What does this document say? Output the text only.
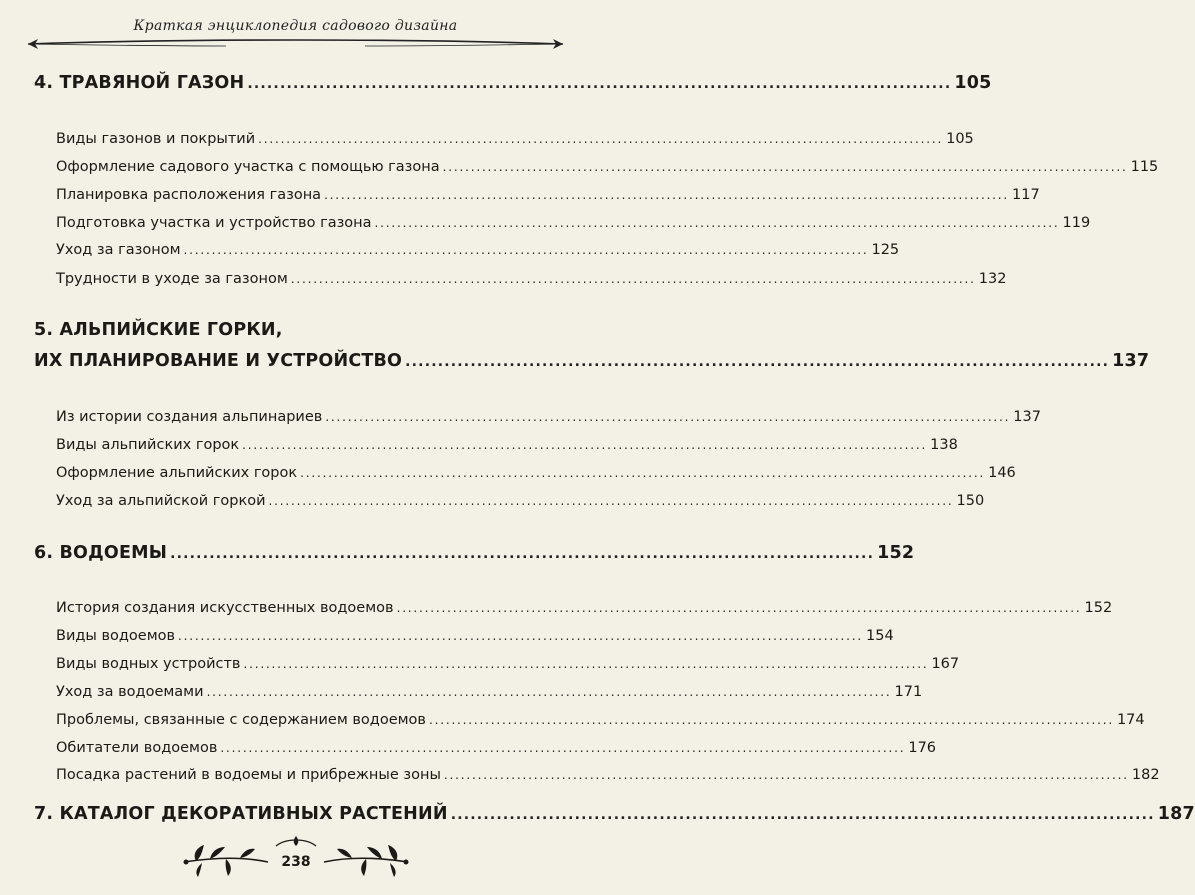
Краткая энциклопедия садового дизайна
4. ТРАВЯНОЙ ГАЗОН ............................................................................................................ 105
Виды газонов и покрытий .......................................................................................................................... 105
Оформление садового участка с помощью газона .......................................................................................................................... 115
Планировка расположения газона .......................................................................................................................... 117
Подготовка участка и устройство газона .......................................................................................................................... 119
Уход за газоном .......................................................................................................................... 125
Трудности в уходе за газоном .......................................................................................................................... 132
5. АЛЬПИЙСКИЕ ГОРКИ,
ИХ ПЛАНИРОВАНИЕ И УСТРОЙСТВО ............................................................................................................ 137
Из истории создания альпинариев .......................................................................................................................... 137
Виды альпийских горок .......................................................................................................................... 138
Оформление альпийских горок .......................................................................................................................... 146
Уход за альпийской горкой .......................................................................................................................... 150
6. ВОДОЕМЫ ............................................................................................................ 152
История создания искусственных водоемов .......................................................................................................................... 152
Виды водоемов .......................................................................................................................... 154
Виды водных устройств .......................................................................................................................... 167
Уход за водоемами .......................................................................................................................... 171
Проблемы, связанные с содержанием водоемов .......................................................................................................................... 174
Обитатели водоемов .......................................................................................................................... 176
Посадка растений в водоемы и прибрежные зоны .......................................................................................................................... 182
7. КАТАЛОГ ДЕКОРАТИВНЫХ РАСТЕНИЙ ............................................................................................................ 187
238
